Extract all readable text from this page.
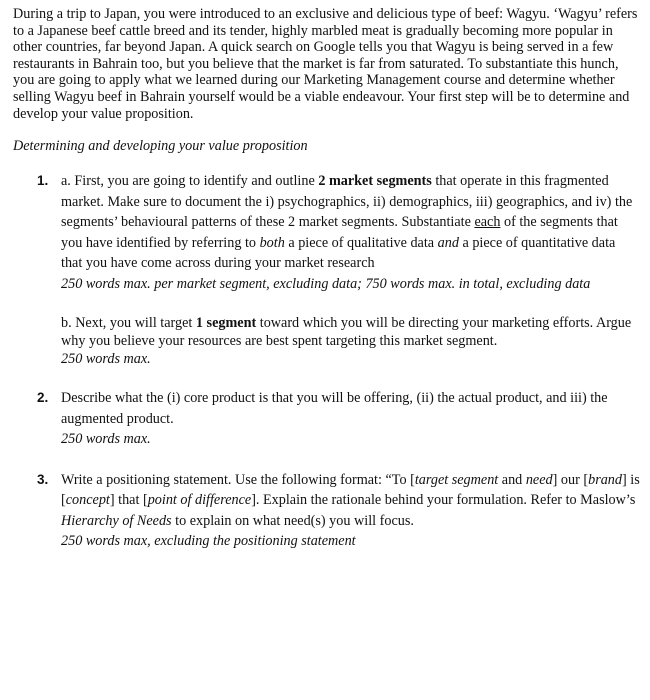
During a trip to Japan, you were introduced to an exclusive and delicious type of beef: Wagyu. ‘Wagyu’ refers to a Japanese beef cattle breed and its tender, highly marbled meat is gradually becoming more popular in other countries, far beyond Japan. A quick search on Google tells you that Wagyu is being served in a few restaurants in Bahrain too, but you believe that the market is far from saturated. To substantiate this hunch, you are going to apply what we learned during our Marketing Management course and determine whether selling Wagyu beef in Bahrain yourself would be a viable endeavour. Your first step will be to determine and develop your value proposition.

Determining and developing your value proposition

1. a. First, you are going to identify and outline 2 market segments that operate in this fragmented market. Make sure to document the i) psychographics, ii) demographics, iii) geographics, and iv) the segments’ behavioural patterns of these 2 market segments. Substantiate each of the segments that you have identified by referring to both a piece of qualitative data and a piece of quantitative data that you have come across during your market research
250 words max. per market segment, excluding data; 750 words max. in total, excluding data
b. Next, you will target 1 segment toward which you will be directing your marketing efforts. Argue why you believe your resources are best spent targeting this market segment.
250 words max.
2. Describe what the (i) core product is that you will be offering, (ii) the actual product, and iii) the augmented product.
250 words max.
3. Write a positioning statement. Use the following format: “To [target segment and need] our [brand] is [concept] that [point of difference]. Explain the rationale behind your formulation. Refer to Maslow’s Hierarchy of Needs to explain on what need(s) you will focus.
250 words max, excluding the positioning statement
